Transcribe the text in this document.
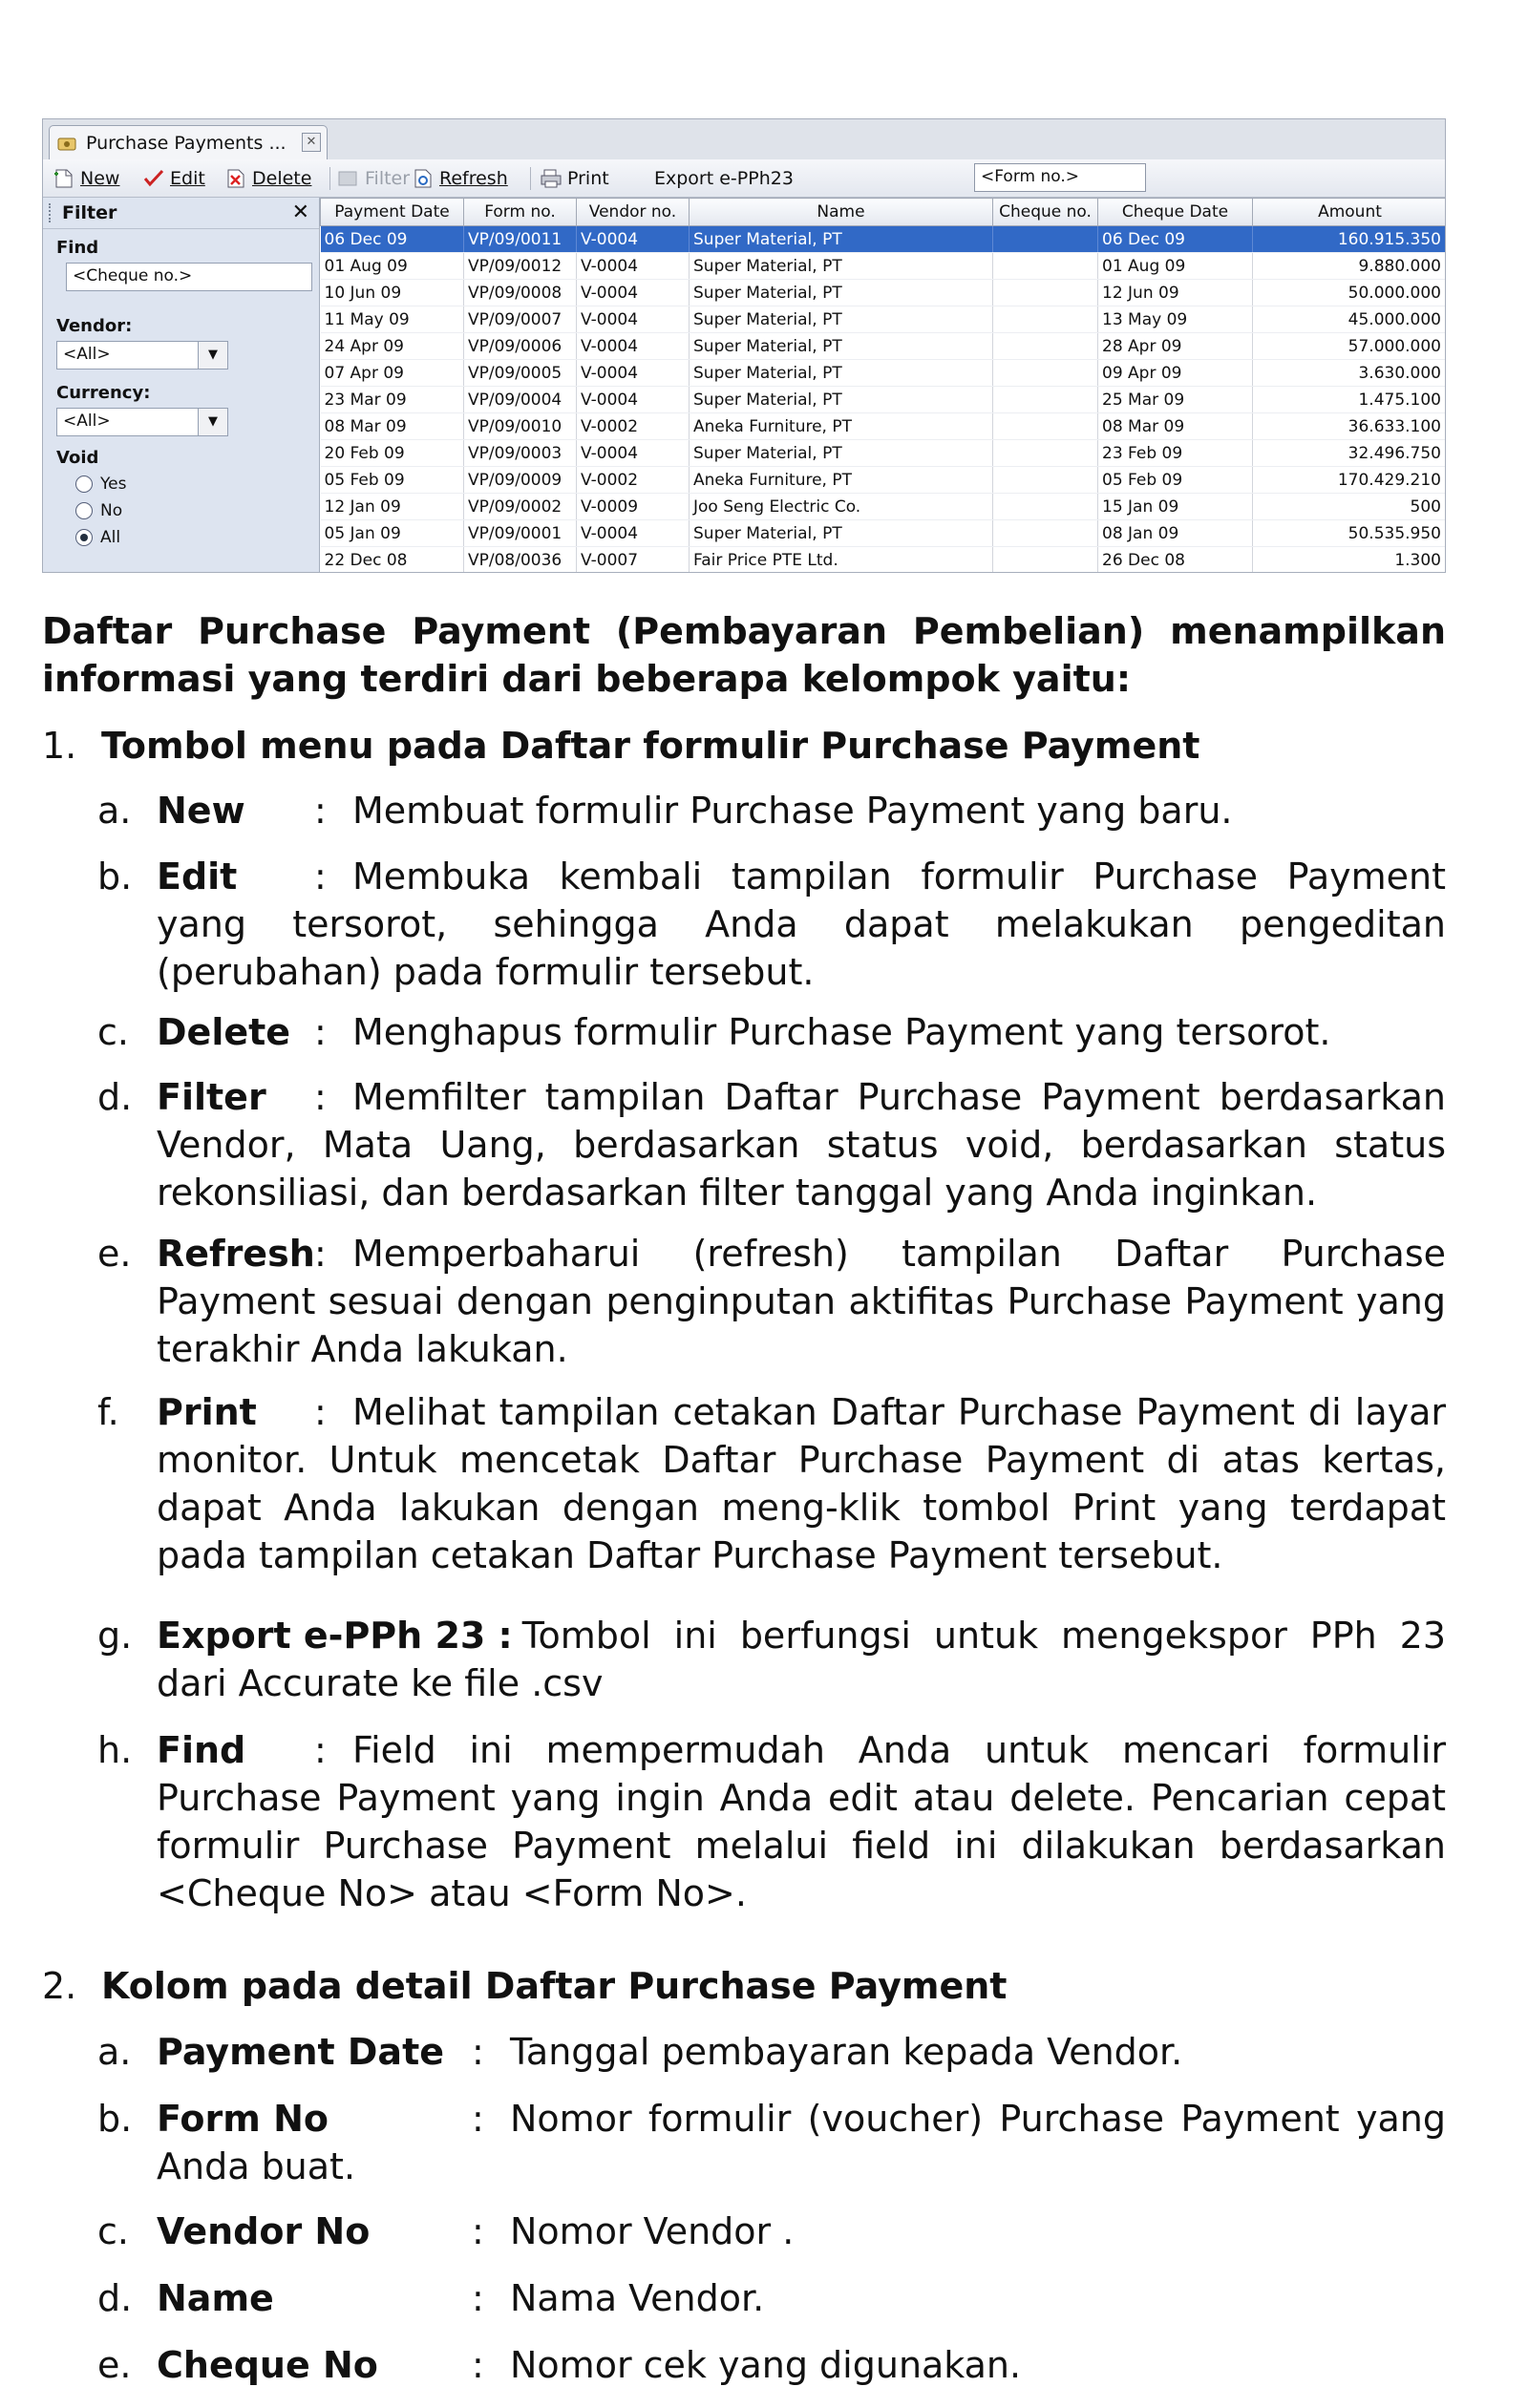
Purchase Payments ...	✕
New	Edit	Delete	Filter Refresh	Print Export e-PPh23	<Form no.>
Filter	✕
Find
<Cheque no.>
Vendor:
<All>	▼
Currency:
<All>	▼
Void
Yes
No
All
Payment Date	Form no.	Vendor no.	Name	Cheque no.	Cheque Date	Amount
06 Dec 09	VP/09/0011	V-0004	Super Material, PT		06 Dec 09	160.915.350
01 Aug 09	VP/09/0012	V-0004	Super Material, PT		01 Aug 09	9.880.000
10 Jun 09	VP/09/0008	V-0004	Super Material, PT		12 Jun 09	50.000.000
11 May 09	VP/09/0007	V-0004	Super Material, PT		13 May 09	45.000.000
24 Apr 09	VP/09/0006	V-0004	Super Material, PT		28 Apr 09	57.000.000
07 Apr 09	VP/09/0005	V-0004	Super Material, PT		09 Apr 09	3.630.000
23 Mar 09	VP/09/0004	V-0004	Super Material, PT		25 Mar 09	1.475.100
08 Mar 09	VP/09/0010	V-0002	Aneka Furniture, PT		08 Mar 09	36.633.100
20 Feb 09	VP/09/0003	V-0004	Super Material, PT		23 Feb 09	32.496.750
05 Feb 09	VP/09/0009	V-0002	Aneka Furniture, PT		05 Feb 09	170.429.210
12 Jan 09	VP/09/0002	V-0009	Joo Seng Electric Co.		15 Jan 09	500
05 Jan 09	VP/09/0001	V-0004	Super Material, PT		08 Jan 09	50.535.950
22 Dec 08	VP/08/0036	V-0007	Fair Price PTE Ltd.		26 Dec 08	1.300
Daftar Purchase Payment (Pembayaran Pembelian) menampilkan informasi yang terdiri dari beberapa kelompok yaitu:
1. Tombol menu pada Daftar formulir Purchase Payment
a. New : Membuat formulir Purchase Payment yang baru.
b. Edit : Membuka kembali tampilan formulir Purchase Payment yang tersorot, sehingga Anda dapat melakukan pengeditan (perubahan) pada formulir tersebut.
c. Delete : Menghapus formulir Purchase Payment yang tersorot.
d. Filter : Memfilter tampilan Daftar Purchase Payment berdasarkan Vendor, Mata Uang, berdasarkan status void, berdasarkan status rekonsiliasi, dan berdasarkan filter tanggal yang Anda inginkan.
e. Refresh: Memperbaharui (refresh) tampilan Daftar Purchase Payment sesuai dengan penginputan aktifitas Purchase Payment yang terakhir Anda lakukan.
f. Print : Melihat tampilan cetakan Daftar Purchase Payment di layar monitor. Untuk mencetak Daftar Purchase Payment di atas kertas, dapat Anda lakukan dengan meng-klik tombol Print yang terdapat pada tampilan cetakan Daftar Purchase Payment tersebut.
g. Export e-PPh 23 : Tombol ini berfungsi untuk mengekspor PPh 23 dari Accurate ke file .csv
h. Find : Field ini mempermudah Anda untuk mencari formulir Purchase Payment yang ingin Anda edit atau delete. Pencarian cepat formulir Purchase Payment melalui field ini dilakukan berdasarkan <Cheque No> atau <Form No>.
2. Kolom pada detail Daftar Purchase Payment
a. Payment Date : Tanggal pembayaran kepada Vendor.
b. Form No	: Nomor formulir (voucher) Purchase Payment yang Anda buat.
c. Vendor No	: Nomor Vendor .
d. Name	: Nama Vendor.
e. Cheque No	: Nomor cek yang digunakan.
